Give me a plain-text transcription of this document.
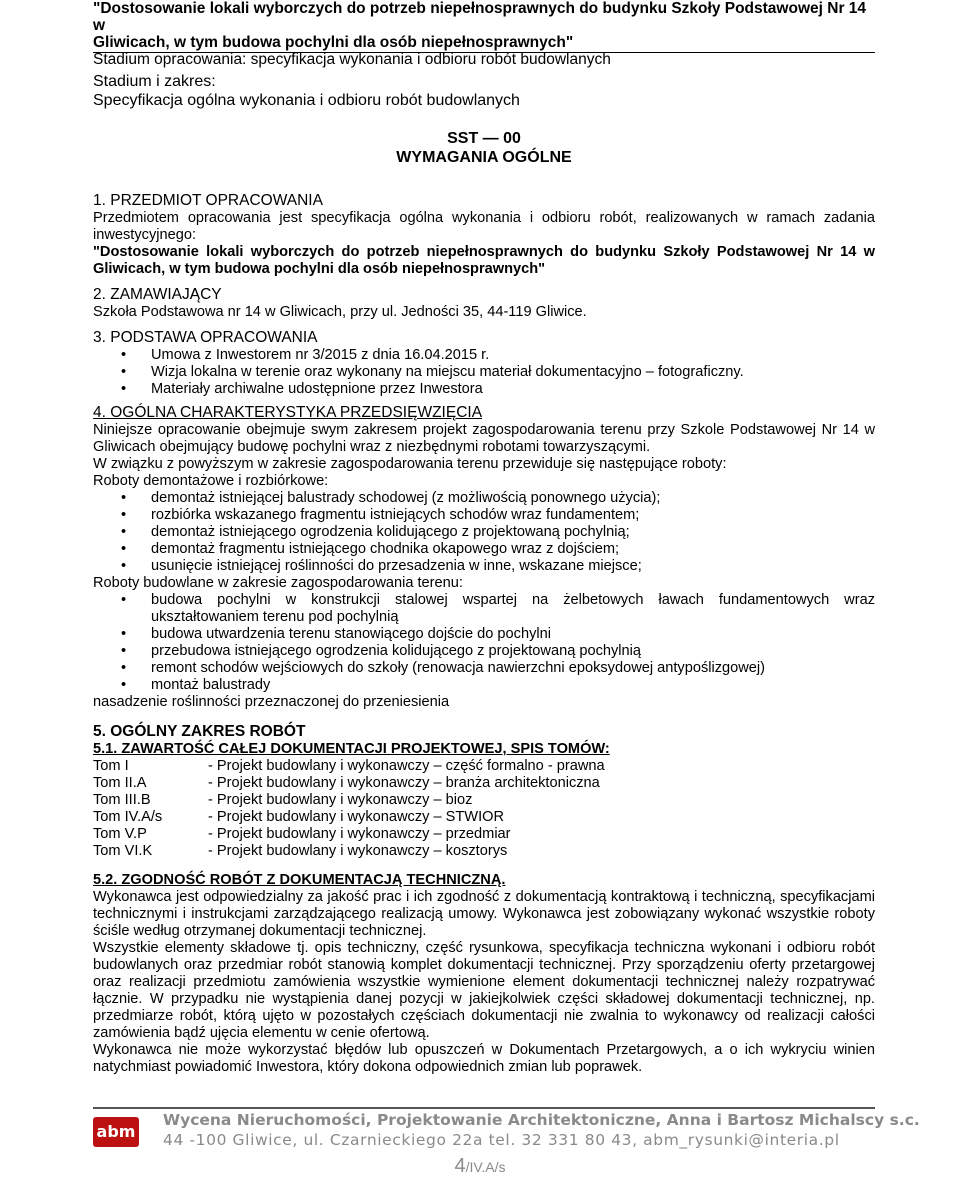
"Dostosowanie lokali wyborczych do potrzeb niepełnosprawnych do budynku Szkoły Podstawowej Nr 14 w
Gliwicach, w tym budowa pochylni dla osób niepełnosprawnych"
Stadium opracowania: specyfikacja wykonania i odbioru robót budowlanych
Stadium i zakres:
Specyfikacja ogólna wykonania i odbioru robót budowlanych
SST — 00
WYMAGANIA OGÓLNE
1. PRZEDMIOT OPRACOWANIA

Przedmiotem opracowania jest specyfikacja ogólna wykonania i odbioru robót, realizowanych w ramach zadania

inwestycyjnego:

"Dostosowanie lokali wyborczych do potrzeb niepełnosprawnych do budynku Szkoły Podstawowej Nr 14 w

Gliwicach, w tym budowa pochylni dla osób niepełnosprawnych"

2. ZAMAWIAJĄCY

Szkoła Podstawowa nr 14 w Gliwicach, przy ul. Jedności 35, 44-119 Gliwice.

3. PODSTAWA OPRACOWANIA
• Umowa z Inwestorem nr 3/2015 z dnia 16.04.2015 r.
• Wizja lokalna w terenie oraz wykonany na miejscu materiał dokumentacyjno – fotograficzny.
• Materiały archiwalne udostępnione przez Inwestora
4. OGÓLNA CHARAKTERYSTYKA PRZEDSIĘWZIĘCIA

Niniejsze opracowanie obejmuje swym zakresem projekt zagospodarowania terenu przy Szkole Podstawowej Nr 14 w

Gliwicach obejmujący budowę pochylni wraz z niezbędnymi robotami towarzyszącymi.

W związku z powyższym w zakresie zagospodarowania terenu przewiduje się następujące roboty:

Roboty demontażowe i rozbiórkowe:

• demontaż istniejącej balustrady schodowej (z możliwością ponownego użycia);
• rozbiórka wskazanego fragmentu istniejących schodów wraz fundamentem;
• demontaż istniejącego ogrodzenia kolidującego z projektowaną pochylnią;
• demontaż fragmentu istniejącego chodnika okapowego wraz z dojściem;
• usunięcie istniejącej roślinności do przesadzenia w inne, wskazane miejsce;

Roboty budowlane w zakresie zagospodarowania terenu:

• budowa pochylni w konstrukcji stalowej wspartej na żelbetowych ławach fundamentowych wraz
ukształtowaniem terenu pod pochylnią
• budowa utwardzenia terenu stanowiącego dojście do pochylni
• przebudowa istniejącego ogrodzenia kolidującego z projektowaną pochylnią
• remont schodów wejściowych do szkoły (renowacja nawierzchni epoksydowej antypoślizgowej)
• montaż balustrady

nasadzenie roślinności przeznaczonej do przeniesienia

5. OGÓLNY ZAKRES ROBÓT
5.1. ZAWARTOŚĆ CAŁEJ DOKUMENTACJI PROJEKTOWEJ, SPIS TOMÓW:
Tom I	- Projekt budowlany i wykonawczy – część formalno - prawna
Tom II.A	- Projekt budowlany i wykonawczy – branża architektoniczna
Tom III.B	- Projekt budowlany i wykonawczy – bioz
Tom IV.A/s	- Projekt budowlany i wykonawczy – STWIOR
Tom V.P	- Projekt budowlany i wykonawczy – przedmiar
Tom VI.K	- Projekt budowlany i wykonawczy – kosztorys
5.2. ZGODNOŚĆ ROBÓT Z DOKUMENTACJĄ TECHNICZNĄ.

Wykonawca jest odpowiedzialny za jakość prac i ich zgodność z dokumentacją kontraktową i techniczną, specyfikacjami

technicznymi i instrukcjami zarządzającego realizacją umowy. Wykonawca jest zobowiązany wykonać wszystkie roboty

ściśle według otrzymanej dokumentacji technicznej.

Wszystkie elementy składowe tj. opis techniczny, część rysunkowa, specyfikacja techniczna wykonani i odbioru robót

budowlanych oraz przedmiar robót stanowią komplet dokumentacji technicznej. Przy sporządzeniu oferty przetargowej

oraz realizacji przedmiotu zamówienia wszystkie wymienione element dokumentacji technicznej należy rozpatrywać

łącznie. W przypadku nie wystąpienia danej pozycji w jakiejkolwiek części składowej dokumentacji technicznej, np.

przedmiarze robót, którą ujęto w pozostałych częściach dokumentacji nie zwalnia to wykonawcy od realizacji całości

zamówienia bądź ujęcia elementu w cenie ofertową.

Wykonawca nie może wykorzystać błędów lub opuszczeń w Dokumentach Przetargowych, a o ich wykryciu winien

natychmiast powiadomić Inwestora, który dokona odpowiednich zmian lub poprawek.

abm
Wycena Nieruchomości, Projektowanie Architektoniczne, Anna i Bartosz Michalscy s.c.
44 -100 Gliwice, ul. Czarnieckiego 22a tel. 32 331 80 43, abm_rysunki@interia.pl
4/IV.A/s
